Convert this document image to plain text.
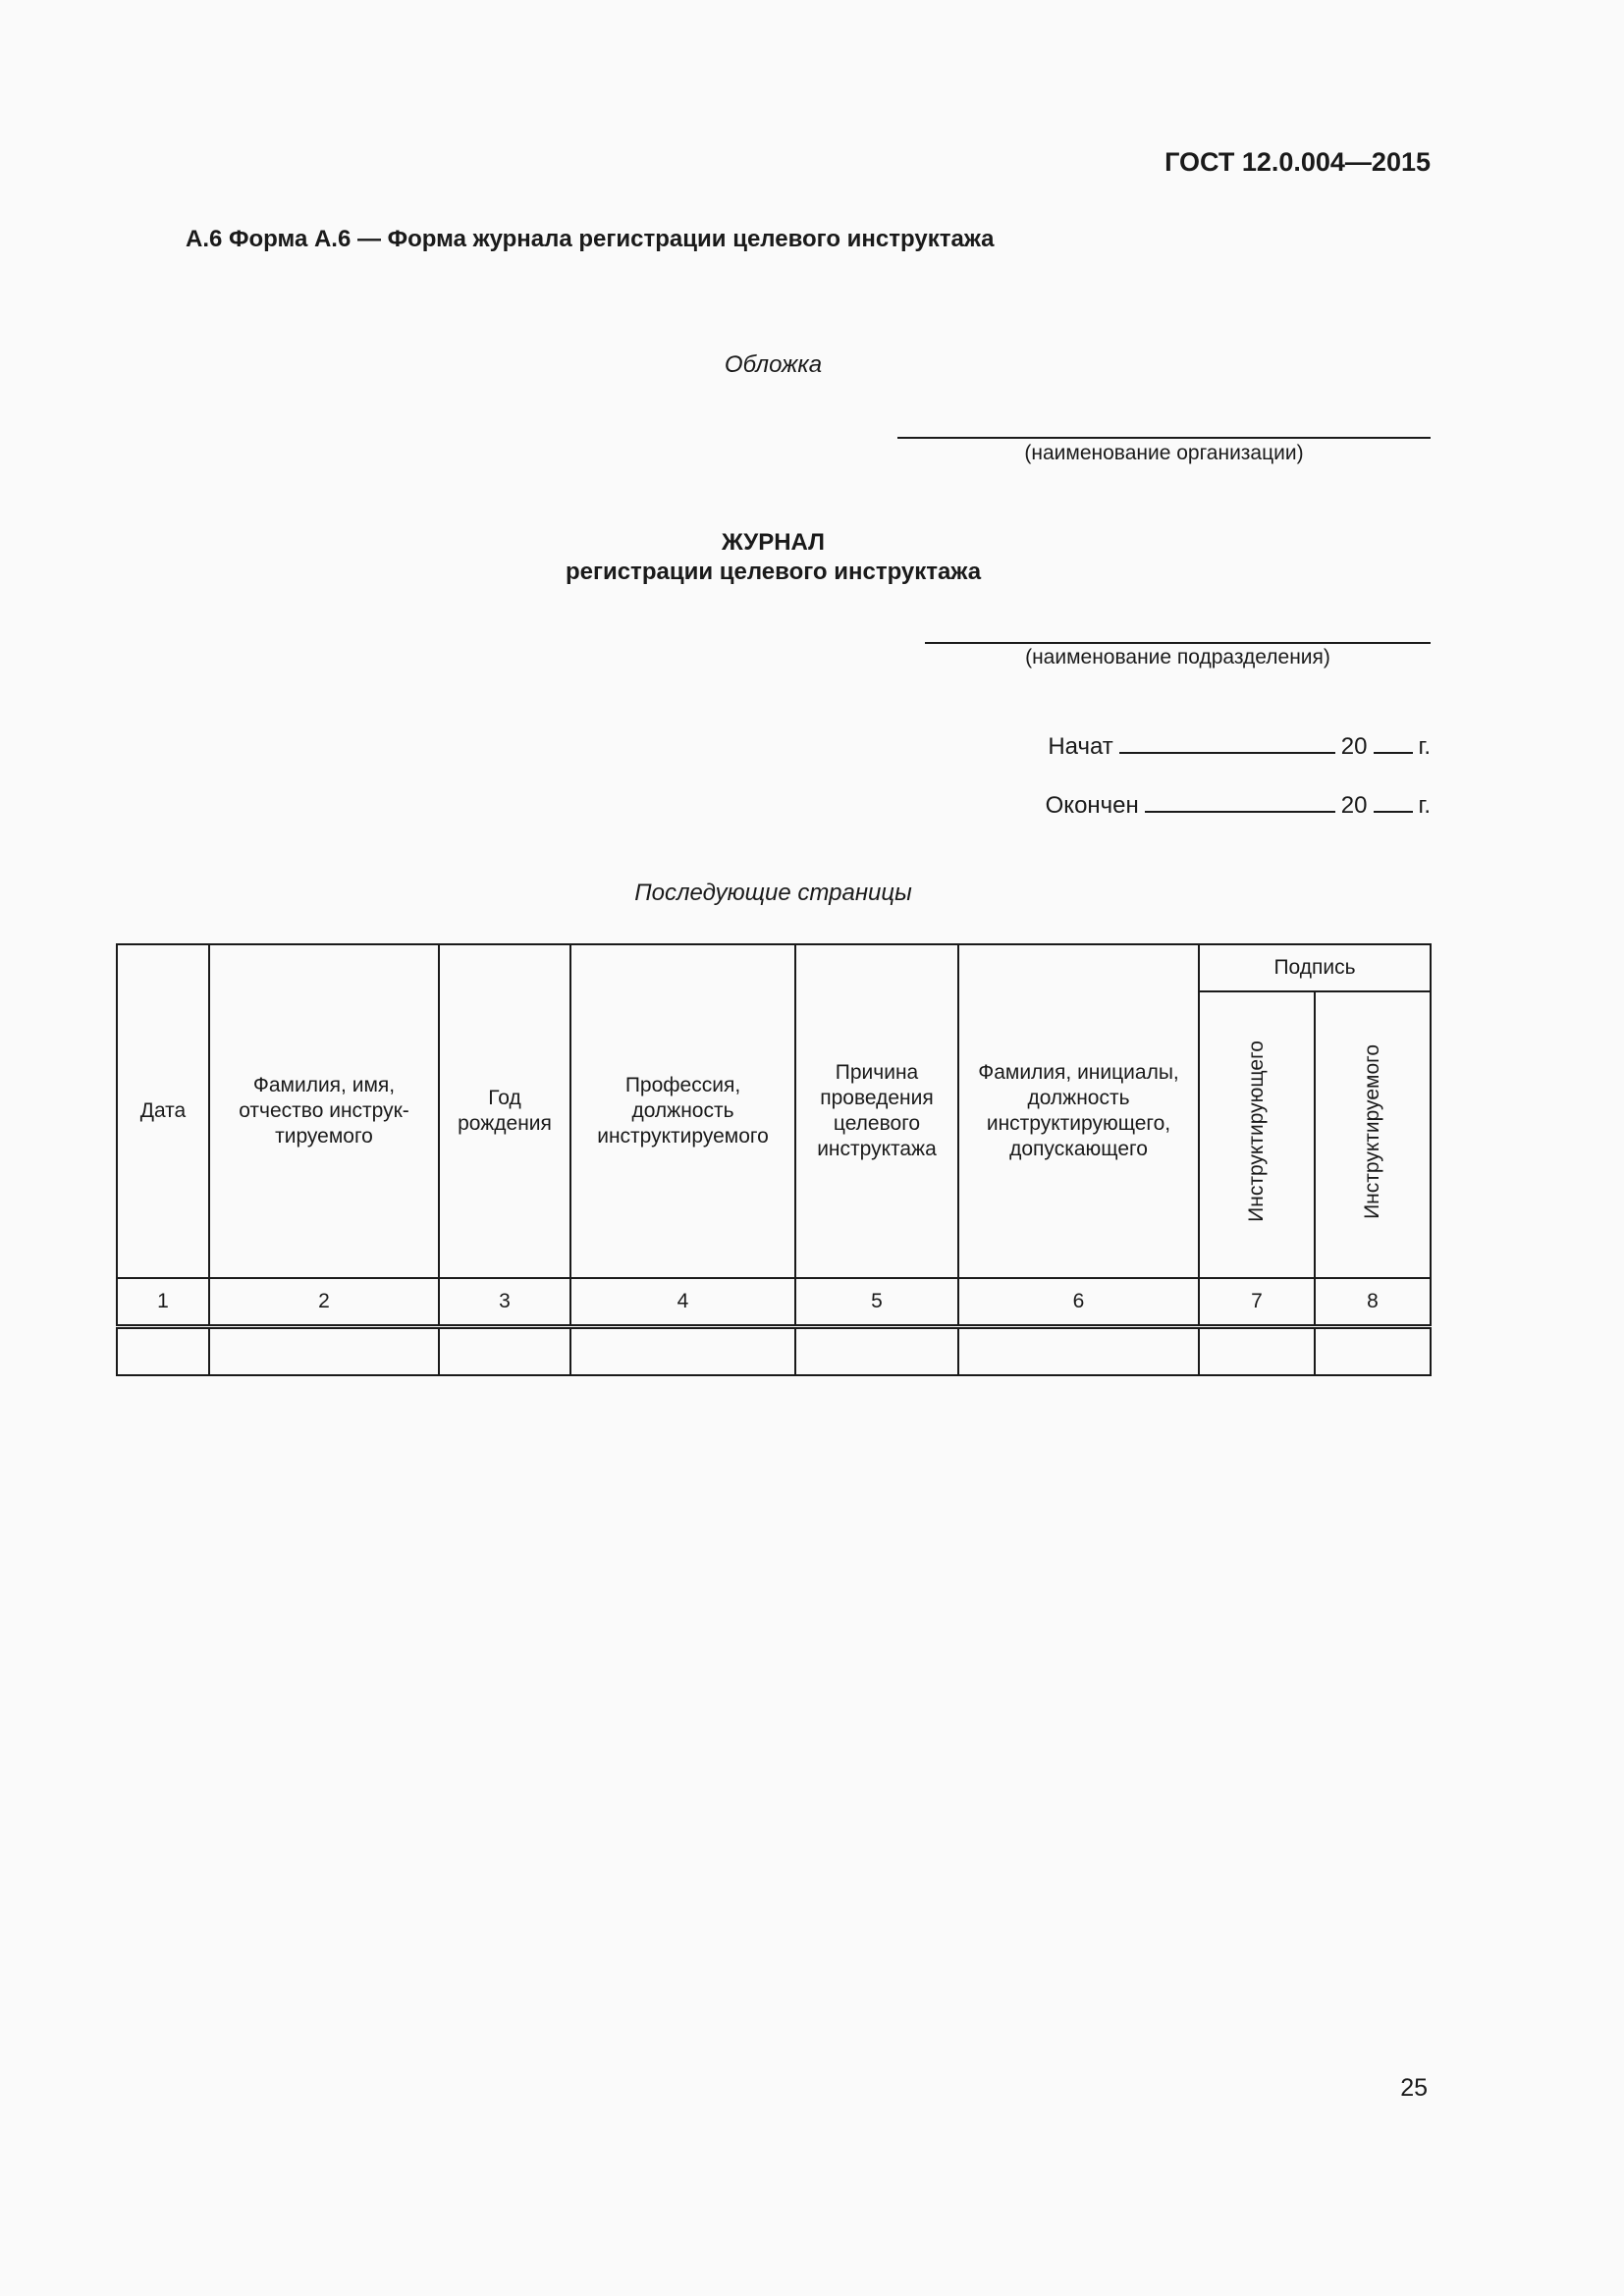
ГОСТ 12.0.004—2015
А.6 Форма А.6 — Форма журнала регистрации целевого инструктажа
Обложка
(наименование организации)
ЖУРНАЛ
регистрации целевого инструктажа
(наименование подразделения)
Начат	20 г.
Окончен	20 г.
Последующие страницы
Дата	Фамилия, имя, отчество инструк-тируемого	Год рождения	Профессия, должность инструктируемого	Причина проведения целевого инструктажа	Фамилия, инициалы, должность инструктирующего, допускающего	Подпись	
						Инструктирующего	Инструктируемого
1	2	3	4	5	6	7	8

25
